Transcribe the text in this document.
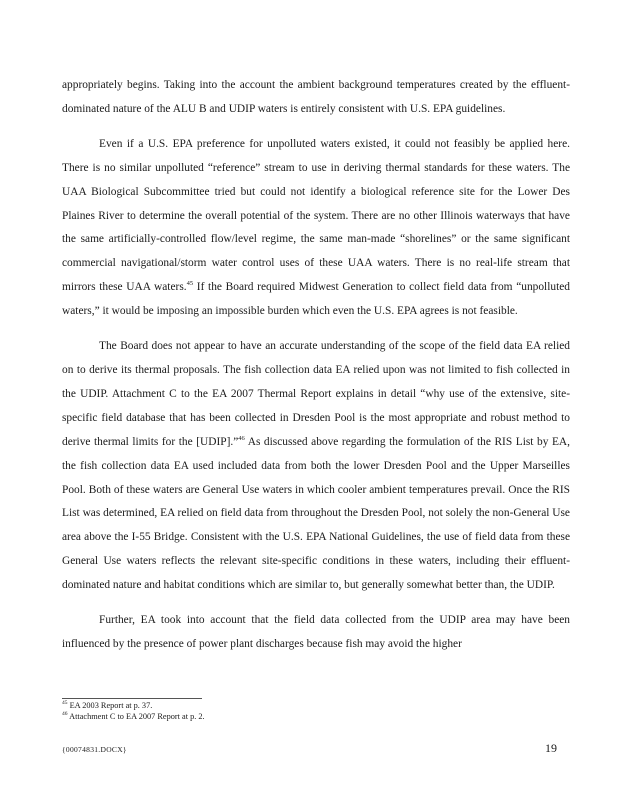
appropriately begins. Taking into the account the ambient background temperatures created by the effluent-dominated nature of the ALU B and UDIP waters is entirely consistent with U.S. EPA guidelines.

Even if a U.S. EPA preference for unpolluted waters existed, it could not feasibly be applied here. There is no similar unpolluted “reference” stream to use in deriving thermal standards for these waters. The UAA Biological Subcommittee tried but could not identify a biological reference site for the Lower Des Plaines River to determine the overall potential of the system. There are no other Illinois waterways that have the same artificially-controlled flow/level regime, the same man-made “shorelines” or the same significant commercial navigational/storm water control uses of these UAA waters. There is no real-life stream that mirrors these UAA waters.$^{45}$ If the Board required Midwest Generation to collect field data from “unpolluted waters,” it would be imposing an impossible burden which even the U.S. EPA agrees is not feasible.

The Board does not appear to have an accurate understanding of the scope of the field data EA relied on to derive its thermal proposals. The fish collection data EA relied upon was not limited to fish collected in the UDIP. Attachment C to the EA 2007 Thermal Report explains in detail “why use of the extensive, site-specific field database that has been collected in Dresden Pool is the most appropriate and robust method to derive thermal limits for the [UDIP].”$^{46}$ As discussed above regarding the formulation of the RIS List by EA, the fish collection data EA used included data from both the lower Dresden Pool and the Upper Marseilles Pool. Both of these waters are General Use waters in which cooler ambient temperatures prevail. Once the RIS List was determined, EA relied on field data from throughout the Dresden Pool, not solely the non-General Use area above the I-55 Bridge. Consistent with the U.S. EPA National Guidelines, the use of field data from these General Use waters reflects the relevant site-specific conditions in these waters, including their effluent-dominated nature and habitat conditions which are similar to, but generally somewhat better than, the UDIP.

Further, EA took into account that the field data collected from the UDIP area may have been influenced by the presence of power plant discharges because fish may avoid the higher

$^{45}$ EA 2003 Report at p. 37.
$^{46}$ Attachment C to EA 2007 Report at p. 2.
{00074831.DOCX}	19
